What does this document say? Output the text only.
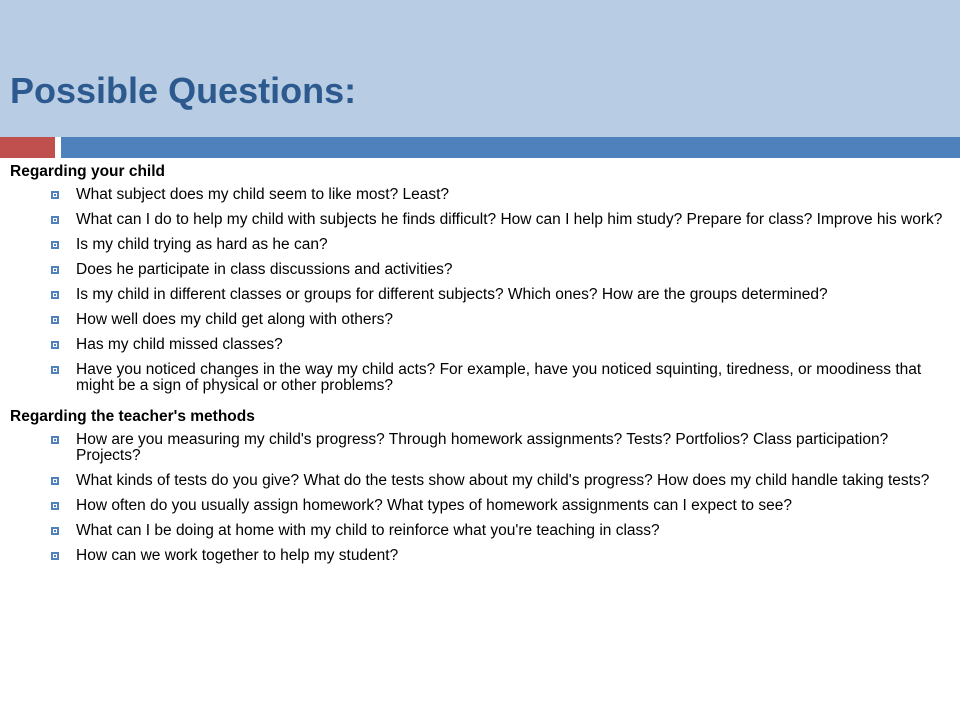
Possible Questions:
Regarding your child
What subject does my child seem to like most? Least?
What can I do to help my child with subjects he finds difficult? How can I help him study? Prepare for class? Improve his work?
Is my child trying as hard as he can?
Does he participate in class discussions and activities?
Is my child in different classes or groups for different subjects? Which ones? How are the groups determined?
How well does my child get along with others?
Has my child missed classes?
Have you noticed changes in the way my child acts? For example, have you noticed squinting, tiredness, or moodiness that might be a sign of physical or other problems?
Regarding the teacher's methods
How are you measuring my child's progress? Through homework assignments? Tests? Portfolios? Class participation? Projects?
What kinds of tests do you give? What do the tests show about my child's progress? How does my child handle taking tests?
How often do you usually assign homework? What types of homework assignments can I expect to see?
What can I be doing at home with my child to reinforce what you're teaching in class?
How can we work together to help my student?
